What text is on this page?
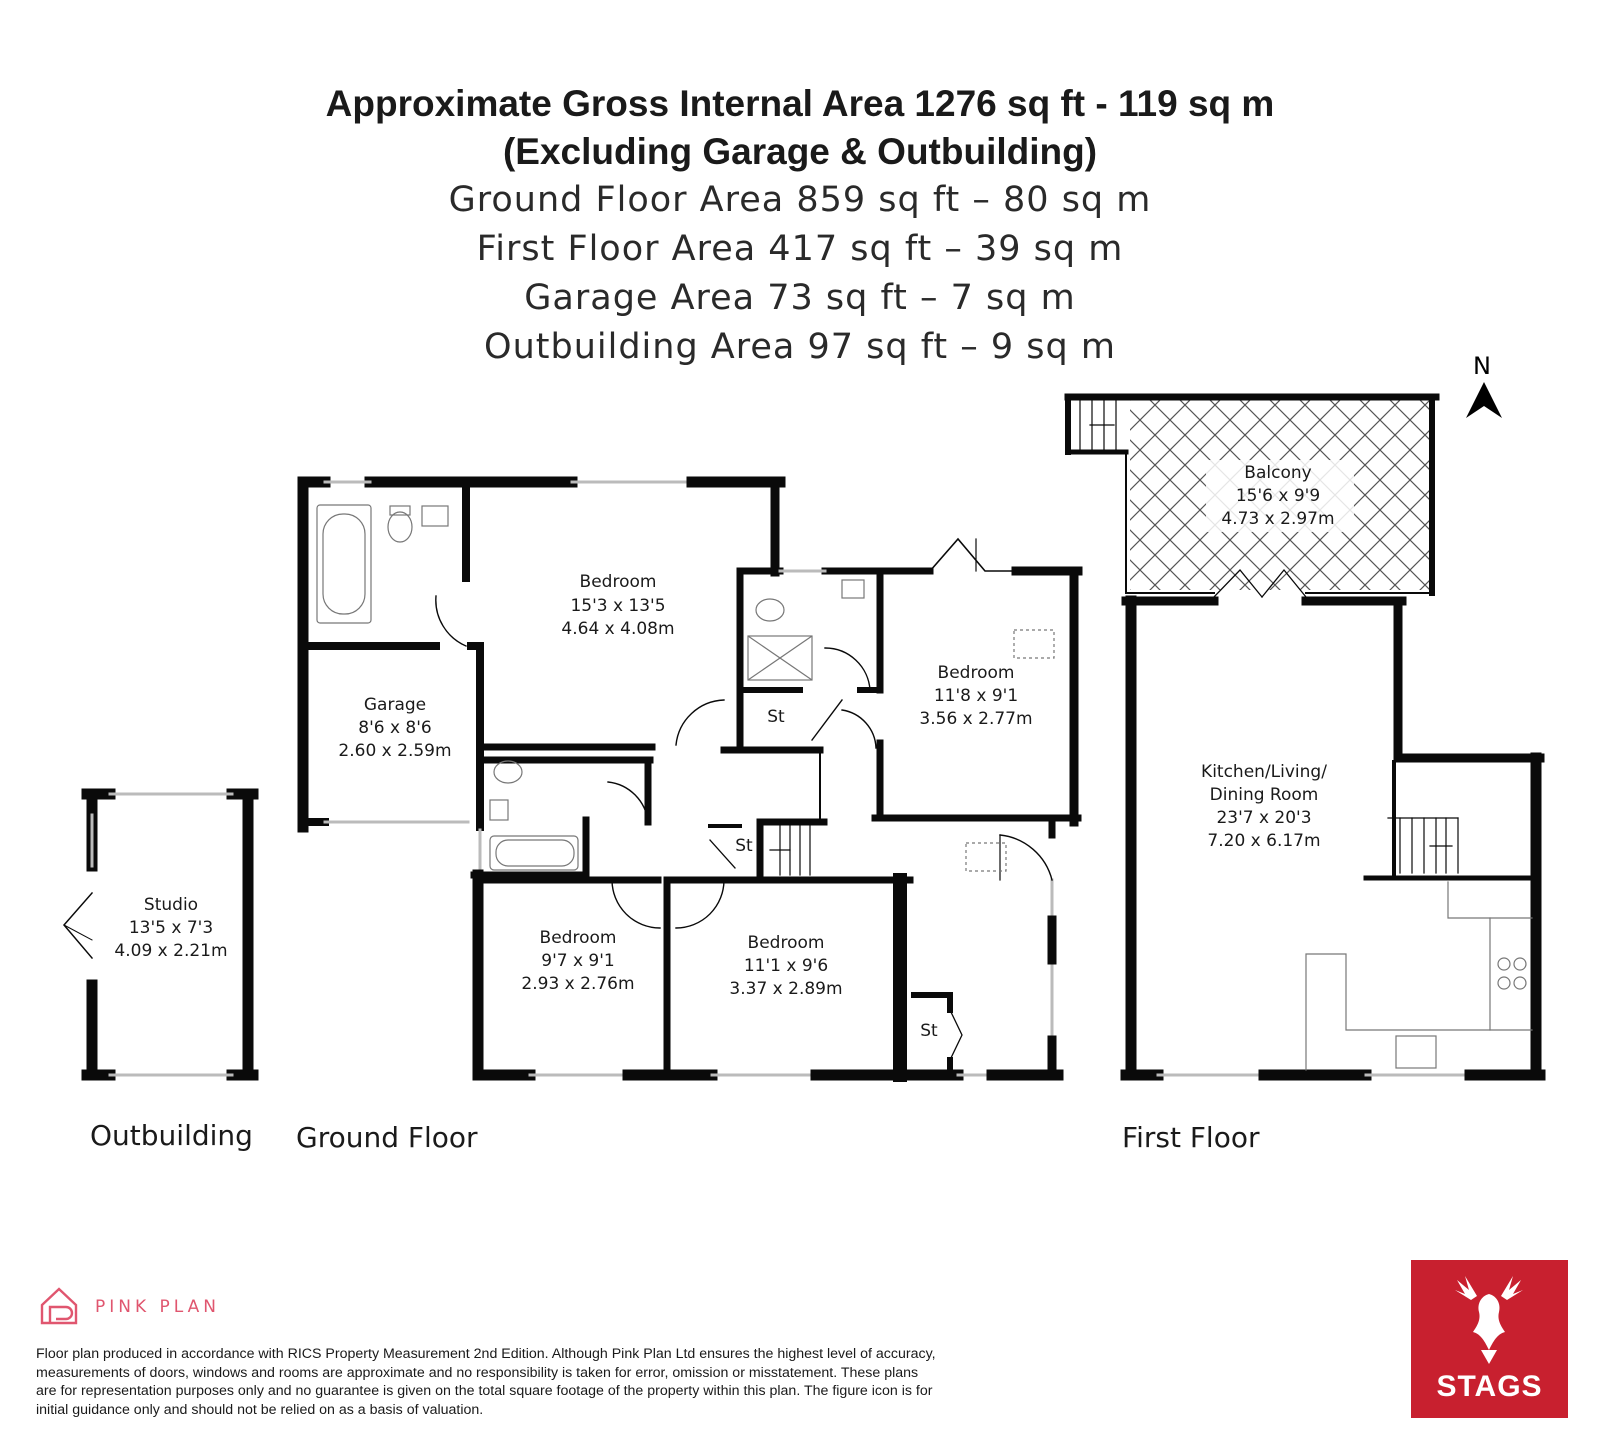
Approximate Gross Internal Area 1276 sq ft - 119 sq m
(Excluding Garage & Outbuilding)
Ground Floor Area 859 sq ft – 80 sq m
First Floor Area 417 sq ft – 39 sq m
Garage Area 73 sq ft – 7 sq m
Outbuilding Area 97 sq ft – 9 sq m	N
Studio
13'5 x 7'3
4.09 x 2.21m
Bedroom
15'3 x 13'5
4.64 x 4.08m
Bedroom
11'8 x 9'1
3.56 x 2.77m
Garage
8'6 x 8'6
2.60 x 2.59m
Bedroom
9'7 x 9'1
2.93 x 2.76m
Bedroom
11'1 x 9'6
3.37 x 2.89m
St
St
St
Balcony
15'6 x 9'9
4.73 x 2.97m
Kitchen/Living/
Dining Room
23'7 x 20'3
7.20 x 6.17m
Outbuilding Ground Floor	First Floor
PINK PLAN
Floor plan produced in accordance with RICS Property Measurement 2nd Edition. Although Pink Plan Ltd ensures the highest level of accuracy, measurements of doors, windows and rooms are approximate and no responsibility is taken for error, omission or misstatement. These plans are for representation purposes only and no guarantee is given on the total square footage of the property within this plan. The figure icon is for initial guidance only and should not be relied on as a basis of valuation.
STAGS
